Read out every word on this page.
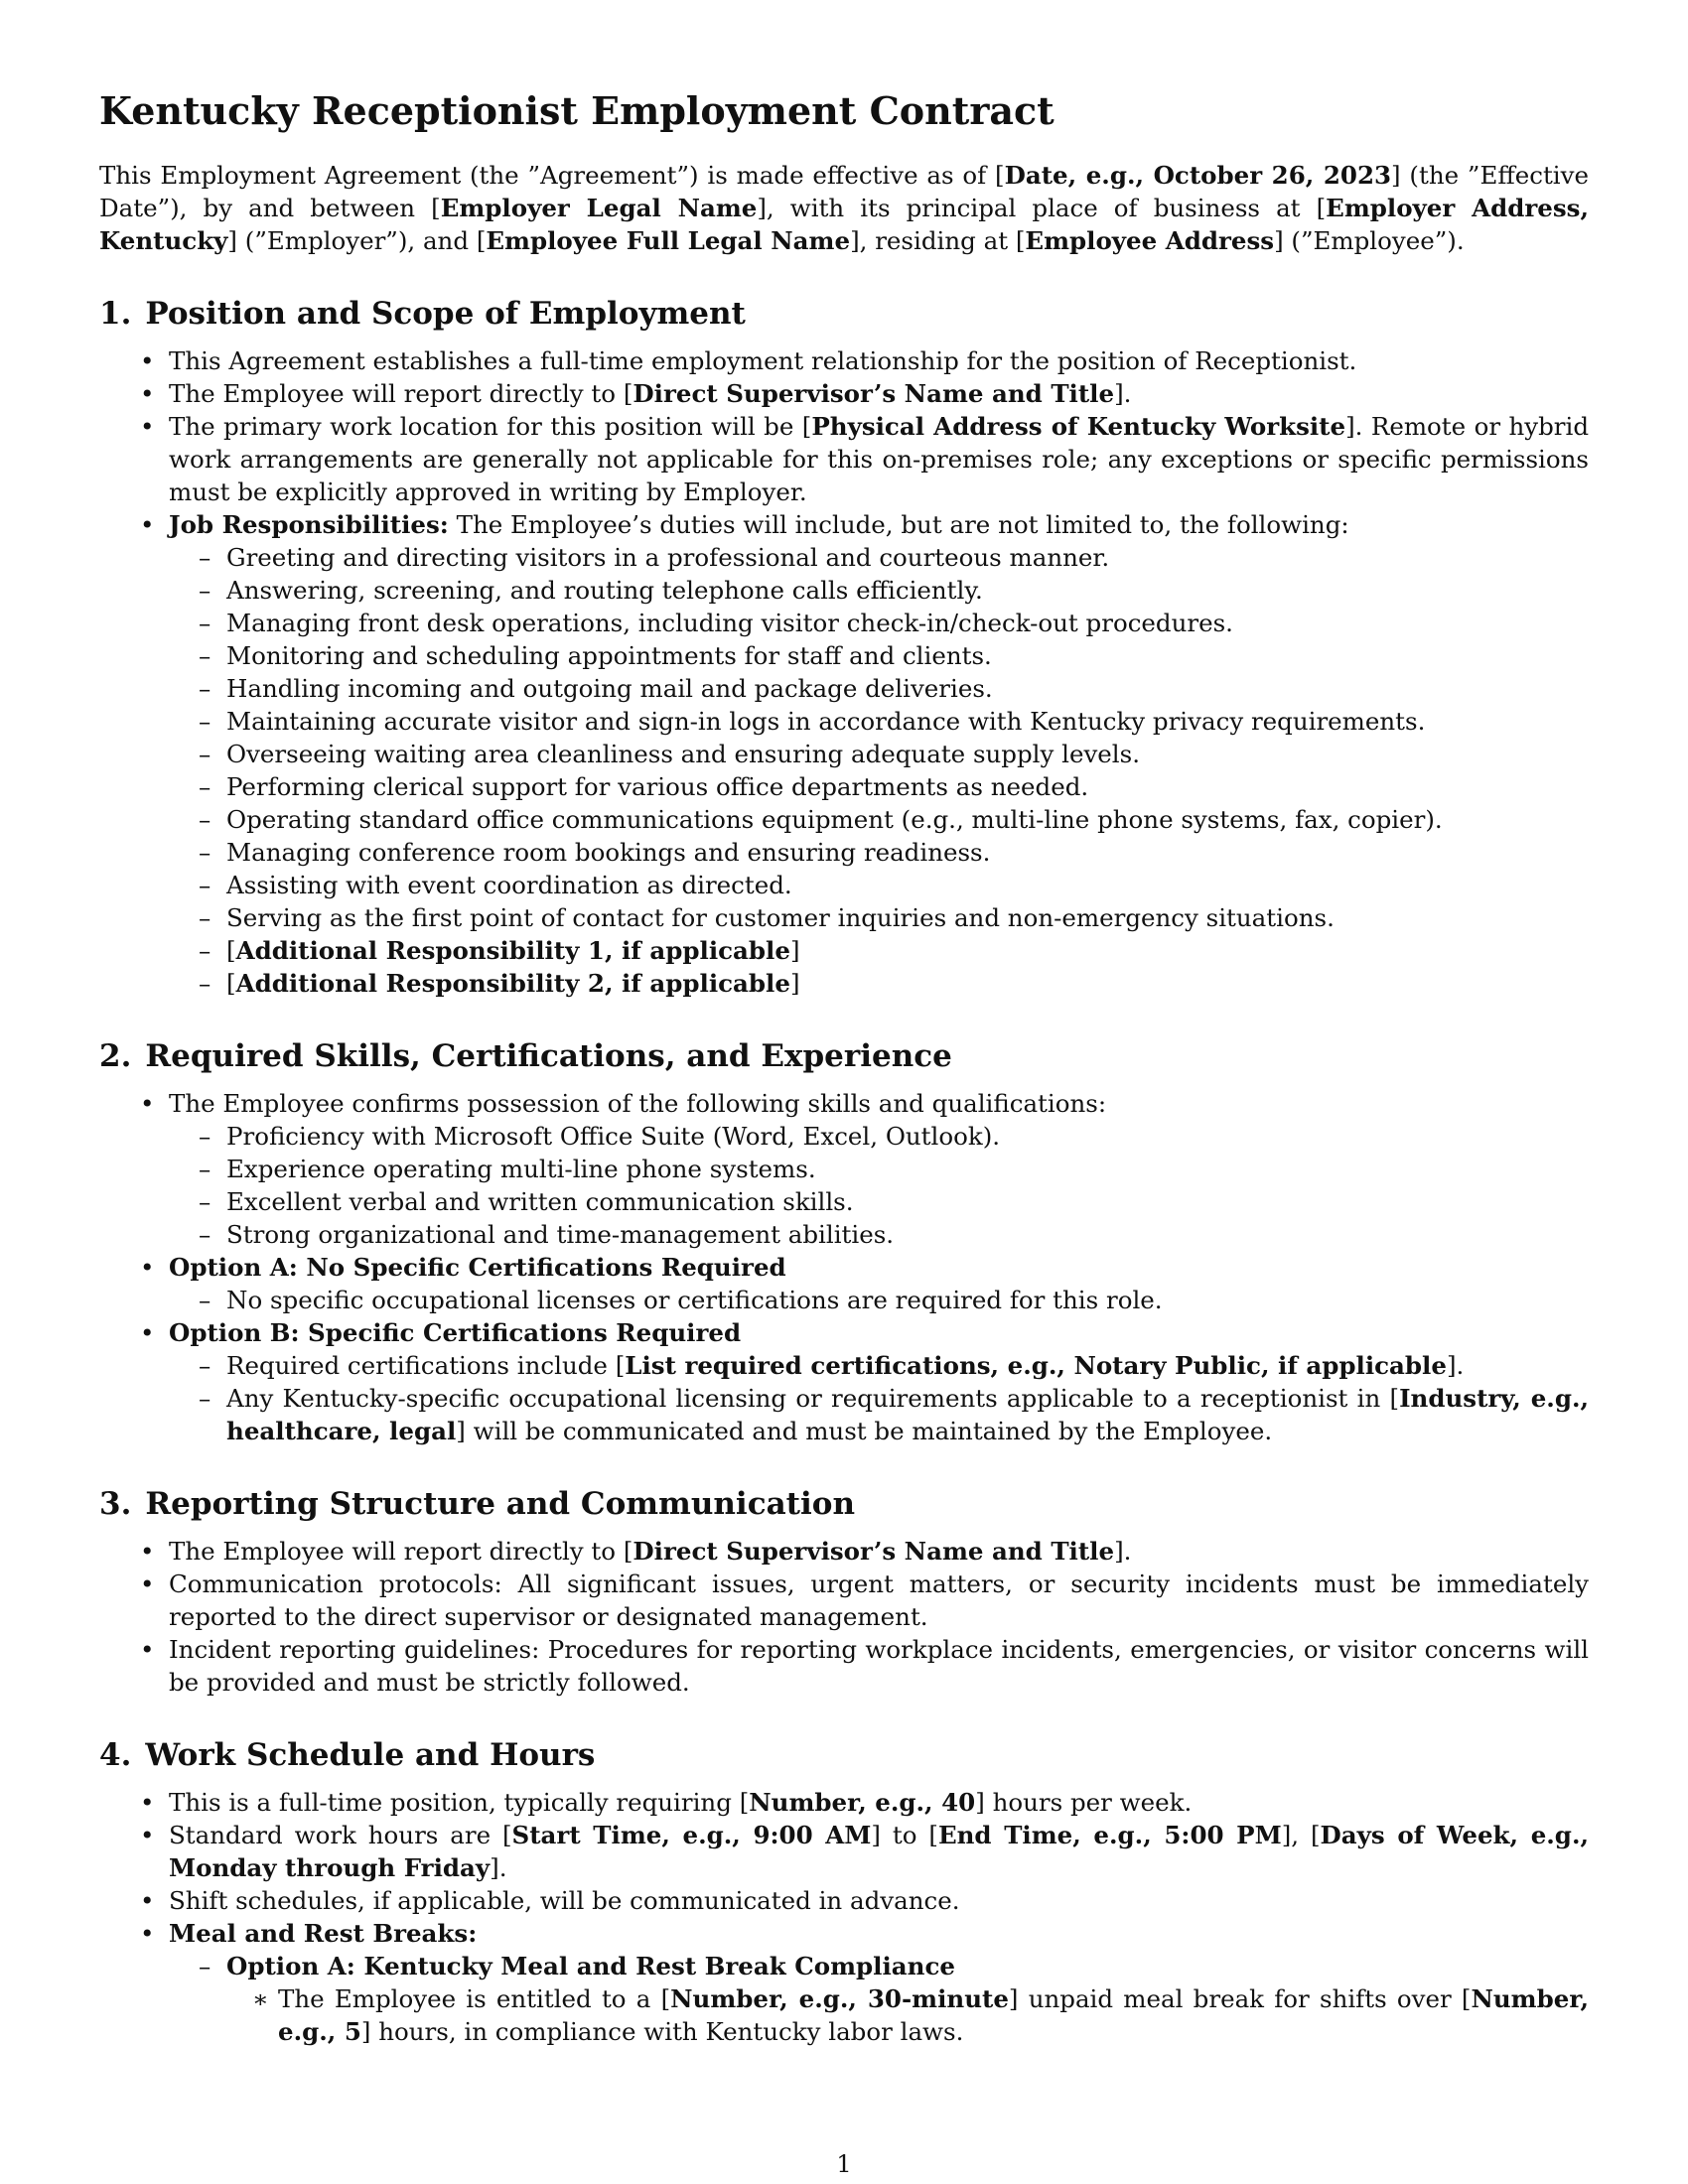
Kentucky Receptionist Employment Contract

This Employment Agreement (the ”Agreement”) is made effective as of [Date, e.g., October 26, 2023] (the ”Effective Date”), by and between [Employer Legal Name], with its principal place of business at [Employer Address, Kentucky] (”Employer”), and [Employee Full Legal Name], residing at [Employee Address] (”Employee”).

1. Position and Scope of Employment
• This Agreement establishes a full-time employment relationship for the position of Receptionist.
• The Employee will report directly to [Direct Supervisor’s Name and Title].
• The primary work location for this position will be [Physical Address of Kentucky Worksite]. Remote or hybrid work arrangements are generally not applicable for this on-premises role; any exceptions or specific permissions must be explicitly approved in writing by Employer.
• Job Responsibilities: The Employee’s duties will include, but are not limited to, the following:
– Greeting and directing visitors in a professional and courteous manner.
– Answering, screening, and routing telephone calls efficiently.
– Managing front desk operations, including visitor check-in/check-out procedures.
– Monitoring and scheduling appointments for staff and clients.
– Handling incoming and outgoing mail and package deliveries.
– Maintaining accurate visitor and sign-in logs in accordance with Kentucky privacy requirements.
– Overseeing waiting area cleanliness and ensuring adequate supply levels.
– Performing clerical support for various office departments as needed.
– Operating standard office communications equipment (e.g., multi-line phone systems, fax, copier).
– Managing conference room bookings and ensuring readiness.
– Assisting with event coordination as directed.
– Serving as the first point of contact for customer inquiries and non-emergency situations.
– [Additional Responsibility 1, if applicable]
– [Additional Responsibility 2, if applicable]
2. Required Skills, Certifications, and Experience
• The Employee confirms possession of the following skills and qualifications:
– Proficiency with Microsoft Office Suite (Word, Excel, Outlook).
– Experience operating multi-line phone systems.
– Excellent verbal and written communication skills.
– Strong organizational and time-management abilities.
• Option A: No Specific Certifications Required
– No specific occupational licenses or certifications are required for this role.
• Option B: Specific Certifications Required
– Required certifications include [List required certifications, e.g., Notary Public, if applicable].
– Any Kentucky-specific occupational licensing or requirements applicable to a receptionist in [Industry, e.g., healthcare, legal] will be communicated and must be maintained by the Employee.
3. Reporting Structure and Communication
• The Employee will report directly to [Direct Supervisor’s Name and Title].
• Communication protocols: All significant issues, urgent matters, or security incidents must be immediately reported to the direct supervisor or designated management.
• Incident reporting guidelines: Procedures for reporting workplace incidents, emergencies, or visitor concerns will be provided and must be strictly followed.
4. Work Schedule and Hours
• This is a full-time position, typically requiring [Number, e.g., 40] hours per week.
• Standard work hours are [Start Time, e.g., 9:00 AM] to [End Time, e.g., 5:00 PM], [Days of Week, e.g., Monday through Friday].
• Shift schedules, if applicable, will be communicated in advance.
• Meal and Rest Breaks:
– Option A: Kentucky Meal and Rest Break Compliance
∗ The Employee is entitled to a [Number, e.g., 30-minute] unpaid meal break for shifts over [Number, e.g., 5] hours, in compliance with Kentucky labor laws.
1
